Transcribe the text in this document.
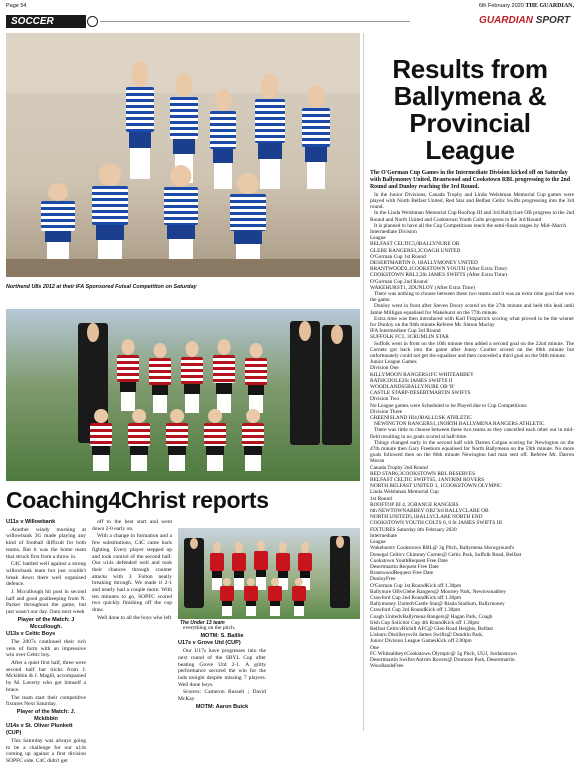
Page 54	6th February 2020 THE GUARDIAN,
SOCCER	GUARDIAN SPORT
Northend U8s 2012 at their IFA Sponsored Futsal Competition on Saturday
The Under 11 team
Coaching4Christ reports

U11s v Willowbank

Another windy morning at willowbank 3G made playing any kind of football difficult for both teams. But it was the home team that struck first from a throw in.

C4C battled well against a strong willowbank team but just couldn't break down there well organised defence.

J. Mccullough hit post in second half and good goalkeeping from N. Parker throughout the game, but just wasn't our day. Outo next week

Player of the Match: J Mccullough.

U13s v Celtic Boys

The 2007s continued their rich vein of form with an impressive win over Celtic boy.

After a quiet first half, three were second half hat tricks from J. Mckibbin & J. Magill, accompanied by M. Laverty who got himself a brace.

The team start their competitive fixtures Next Saturday.

Player of the Match: J. Mckibbin

U14s v St. Oliver Plunkett (CUP)

This Saturday was always going to be a challenge for our u14s coming up against a first division SOPFC side. C4C didn't get

off to the best start and went down 2-0 early on.

With a change in formation and a few substitutions, C4C came back fighting. Every player stepped up and took control of the second half. Our u14s defended well and took their chances through counter attacks with J. Fulton neatly breaking through. We made it 2-1 and nearly had a couple more. With ten minutes to go, SOPFC scored two quickly finishing off the cup draw.

Well done to all the boys who left

The Under 13 team

everything on the pitch.

MOTM: S. Baillie

U17s v Grove Utd (CUP)

Our U17s have progresses into the next round of the SBYL Cup after beating Grove Utd 2-1. A gritty performance secured the win for the lads tonight despite missing 7 players. Well done boys.

Scorers: Cameron Russell ; David McKay

MOTM: Aaron Buick

Results from
Ballymena &
Provincial
League

The O'Gorman Cup Games in the Intermediate Division kicked off on Saturday with Ballymoney United, Brantwood and Cookstown RBL progressing to the 2nd Round and Dunloy reaching the 3rd Round.

In the Junior Divisions, Canada Trophy and Linda Welshman Memorial Cup games were played with North Belfast United, Red Star and Belfast Celtic Swifts progressing into the 3rd round.

In the Linda Welshman Memorial Cup Rooftop III and 3rd Ballyclare OB progress to the 2nd Round and North United and Cookstown Youth Colts progress to the 3rd Round

It is planned to have all the Cup Competitions reach the semi-finals stages by Mid–March

Intermediate Division

League

BELFAST CELTIC5,0BALLYNURE OB

GLEBE RANGERS3,2COAGH UNITED

O'Gorman Cup 1st Round

DESERTMARTIN 0, 1BALLYMONEY UNITED

BRANTWOOD2,1COOKSTOWN YOUTH (After Extra Time)

COOKSTOWN RBL3,3St JAMES SWIFTS (After Extra Time)

O'Gorman Cup 2nd Round

WAKEHURST1, 2DUNLOY (After Extra Time)

There was nothing to choose between these two teams and it was an extra time goal that won the game.

Dunloy went in front after Steven Doory scored on the 27th minute and held this lead until Jamie Milligan equalised for Wakehurst on the 77th minute.

Extra time was then introduced with Karl Fitzpatrick scoring what proved to be the winner for Dunloy on the 94th minute.Referee Mr. Simon Maclay

IFA Intermediate Cup 3rd Round

SUFFOLK FC1, 3CRUMLIN STAR

Suffolk went in front on the 10th minute then added a second goal on the 22nd minute. The Cornets got back into the game after Jonny Coulter scored on the 80th minute but unfortunately could not get the equaliser and then conceded a third goal on the 94th minute.

Junior League Games

Division One

KILLYMOON RANGERS1FC WHITEABBEY

RATHCOOLE2St JAMES SWIFTS II

WOODLANDS5BALLYNURE OB 'B'

CASTLE STARP-DESERTMARTIN SWIFTS

Division Two

No League games were Scheduled to be Played due to Cup Competitions

Division Three

GREENISLAND III4,0BALLUSK ATHLETIC

NEWINGTON RANGERS1,1NORTH BALLYMENA RANGERS ATHLETIC

There was little to choose between these two teams as they cancelled each other out in mid-field resulting in no goals scored at half-time.

Things changed early in the second half with Darren Colgan scoring for Newington on the 47th minute then Gary Freeburn equalised for North Ballymena on the 59th minute. No more goals followed then on the 86th minute Newington had man sent off. Referee Mr. Darren Moran

Canada Trophy 2nd Round

RED STAR6,3COOKSTOWN RBL RESERVES

BELFAST CELTIC SWIFTS5, 1ANTRIM ROVERS

NORTH BELFAST UNITED 3, 1COOKSTOWN OLYMPIC

Linda Welshman Memorial Cup

1st Round

ROOFTOP III 4, 2GRANGE RANGERS

6th NEWTOWNABBEY OB2'3rd BALLYCLARE OB

NORTH UNITED5,1BALLYCLARE NORTH END

COOKSTOWN YOUTH COLTS 6, 0 St JAMES SWIFTS III

FIXTURES Saturday 8th February 2020

Intermediate

League

Wakehurstv Cookstown RBL@ 3g Pitch, Ballymena Showground's

Donegal Celticv Chimney Corner@ Celtic Park, Suffolk Road, Belfast

Cookstown YouthRequest Free Date

Desertmartin Request Free Date

BrantwoodRequest Free Date

DunloyFree

O'Gorman Cup 1st RoundKick off 1.30pm

Ballynure OBvGlebe Rangers@ Moorley Park, Newtownabbey

Crawford Cup 2nd RoundKick off 1.30pm

Ballymoney UnitedvCastle Star@ Riada Stadium, Ballymoney

Crawford Cup 3rd RoundKick off 1.30pm

Coagh UnitedvBallymena Rangers@ Hagan Park, Coagh

Irish Cup Solicitor Cup 4th RoundKick off 1.30pm

Belfast CelticvRichill AFC@ Glen Road Heights, Belfast

Lisburn DistillerysvSt James Swifts@ Dundrin Park,

Junior Division League GamesKick off 2.00pm

One

FC WhiteabbeyvCookstown Olympic@ 3g Pitch, UUJ, Jordanstown

Desertmartin SwiftsvAntrim Rovers@ Dromore Park, Desertmartin

WoodlandsFree
